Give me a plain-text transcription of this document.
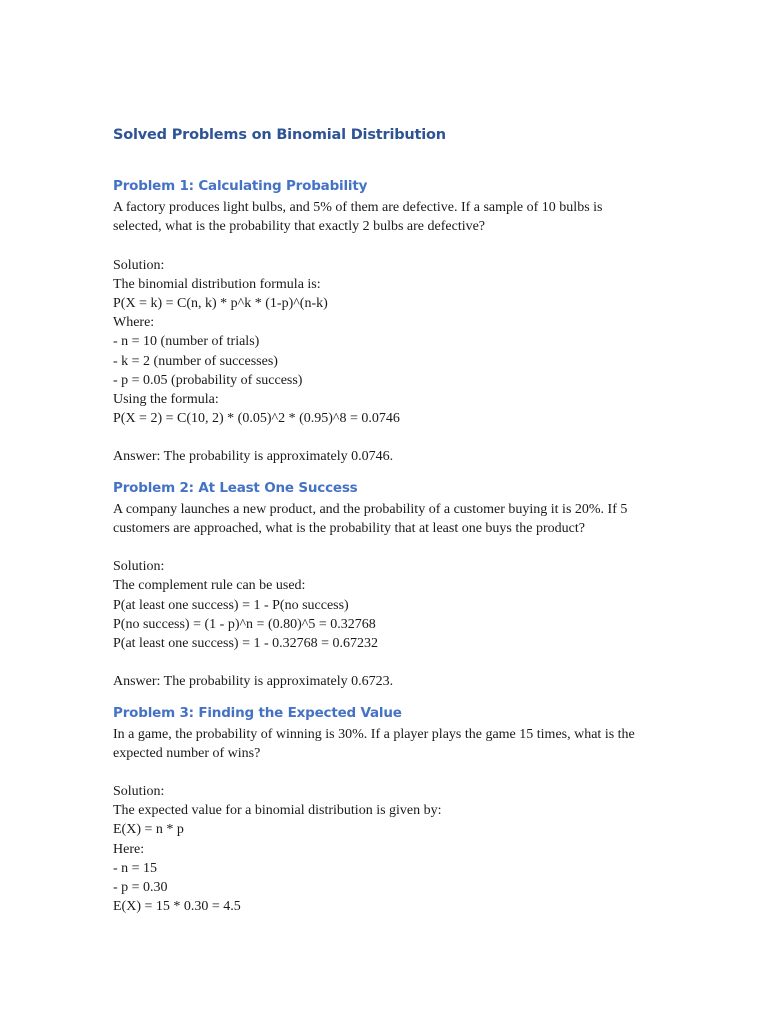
Solved Problems on Binomial Distribution
Problem 1: Calculating Probability
A factory produces light bulbs, and 5% of them are defective. If a sample of 10 bulbs is
selected, what is the probability that exactly 2 bulbs are defective?
Solution:
The binomial distribution formula is:
P(X = k) = C(n, k) * p^k * (1-p)^(n-k)
Where:
- n = 10 (number of trials)
- k = 2 (number of successes)
- p = 0.05 (probability of success)
Using the formula:
P(X = 2) = C(10, 2) * (0.05)^2 * (0.95)^8 = 0.0746
Answer: The probability is approximately 0.0746.
Problem 2: At Least One Success
A company launches a new product, and the probability of a customer buying it is 20%. If 5
customers are approached, what is the probability that at least one buys the product?
Solution:
The complement rule can be used:
P(at least one success) = 1 - P(no success)
P(no success) = (1 - p)^n = (0.80)^5 = 0.32768
P(at least one success) = 1 - 0.32768 = 0.67232
Answer: The probability is approximately 0.6723.
Problem 3: Finding the Expected Value
In a game, the probability of winning is 30%. If a player plays the game 15 times, what is the
expected number of wins?
Solution:
The expected value for a binomial distribution is given by:
E(X) = n * p
Here:
- n = 15
- p = 0.30
E(X) = 15 * 0.30 = 4.5
